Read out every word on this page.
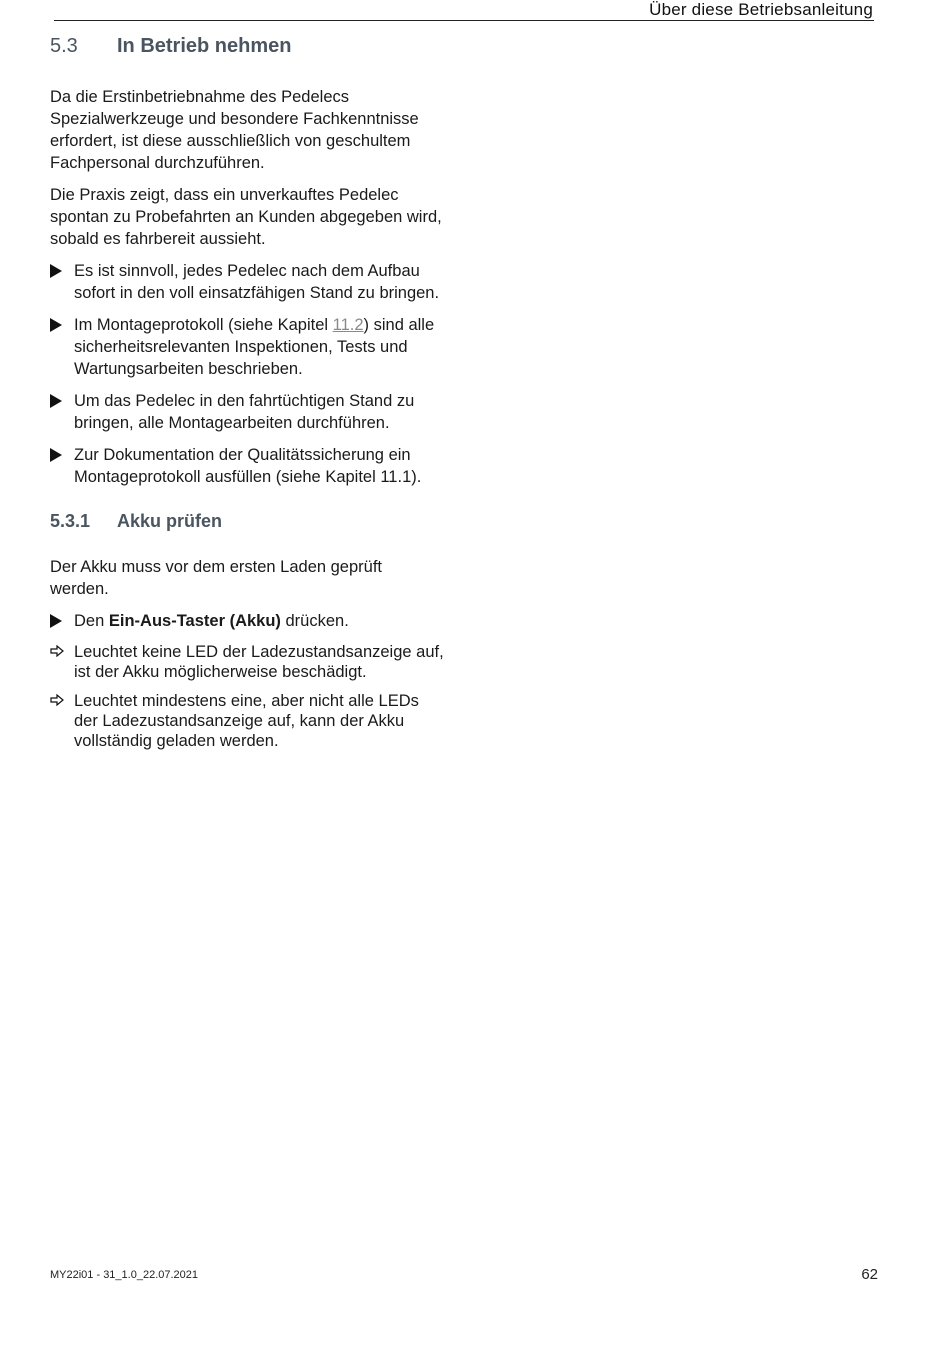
Über diese Betriebsanleitung
5.3	In Betrieb nehmen

Da die Erstinbetriebnahme des Pedelecs Spezialwerkzeuge und besondere Fachkenntnisse erfordert, ist diese ausschließlich von geschultem Fachpersonal durchzuführen.

Die Praxis zeigt, dass ein unverkauftes Pedelec spontan zu Probefahrten an Kunden abgegeben wird, sobald es fahrbereit aussieht.

Es ist sinnvoll, jedes Pedelec nach dem Aufbau sofort in den voll einsatzfähigen Stand zu bringen.
Im Montageprotokoll (siehe Kapitel 11.2) sind alle sicherheitsrelevanten Inspektionen, Tests und Wartungsarbeiten beschrieben.
Um das Pedelec in den fahrtüchtigen Stand zu bringen, alle Montagearbeiten durchführen.
Zur Dokumentation der Qualitätssicherung ein Montageprotokoll ausfüllen (siehe Kapitel 11.1).
5.3.1	Akku prüfen

Der Akku muss vor dem ersten Laden geprüft werden.

Den Ein-Aus-Taster (Akku) drücken.
Leuchtet keine LED der Ladezustandsanzeige auf, ist der Akku möglicherweise beschädigt.
Leuchtet mindestens eine, aber nicht alle LEDs der Ladezustandsanzeige auf, kann der Akku vollständig geladen werden.
MY22i01 - 31_1.0_22.07.2021	62
